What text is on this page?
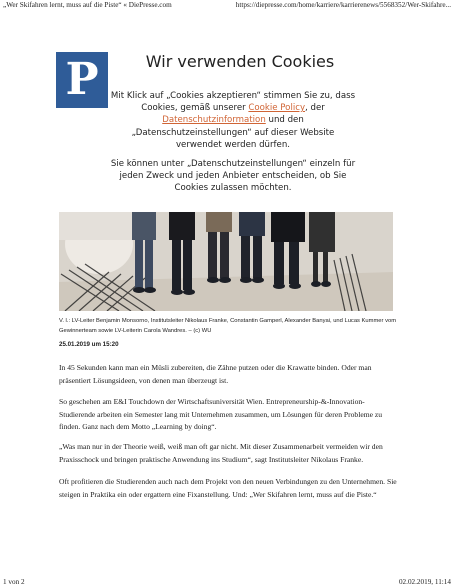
„Wer Skifahren lernt, muss auf die Piste“ « DiePresse.com	https://diepresse.com/home/karriere/karrierenews/5568352/Wer-Skifahre...
P	Wir verwenden Cookies
Mit Klick auf „Cookies akzeptieren“ stimmen Sie zu, dass Cookies, gemäß unserer Cookie Policy, der Datenschutzinformation und den „Datenschutzeinstellungen“ auf dieser Website verwendet werden dürfen.
Sie können unter „Datenschutzeinstellungen“ einzeln für jeden Zweck und jeden Anbieter entscheiden, ob Sie Cookies zulassen möchten.
V. l.: LV-Leiter Benjamin Monsorno, Institutsleiter Nikolaus Franke, Constantin Gamperl, Alexander Banyai, und Lucas Kummer vom Gewinnerteam sowie LV-Leiterin Carola Wandres. – (c) WU
25.01.2019 um 15:20
In 45 Sekunden kann man ein Müsli zubereiten, die Zähne putzen oder die Krawatte binden. Oder man präsentiert Lösungsideen, von denen man überzeugt ist.
So geschehen am E&I Touchdown der Wirtschaftsuniversität Wien. Entrepreneurship-&-Innovation-Studierende arbeiten ein Semester lang mit Unternehmen zusammen, um Lösungen für deren Probleme zu finden. Ganz nach dem Motto „Learning by doing“.
„Was man nur in der Theorie weiß, weiß man oft gar nicht. Mit dieser Zusammenarbeit vermeiden wir den Praxisschock und bringen praktische Anwendung ins Studium“, sagt Institutsleiter Nikolaus Franke.
Oft profitieren die Studierenden auch nach dem Projekt von den neuen Verbindungen zu den Unternehmen. Sie steigen in Praktika ein oder ergattern eine Fixanstellung. Und: „Wer Skifahren lernt, muss auf die Piste.“
1 von 2	02.02.2019, 11:14
